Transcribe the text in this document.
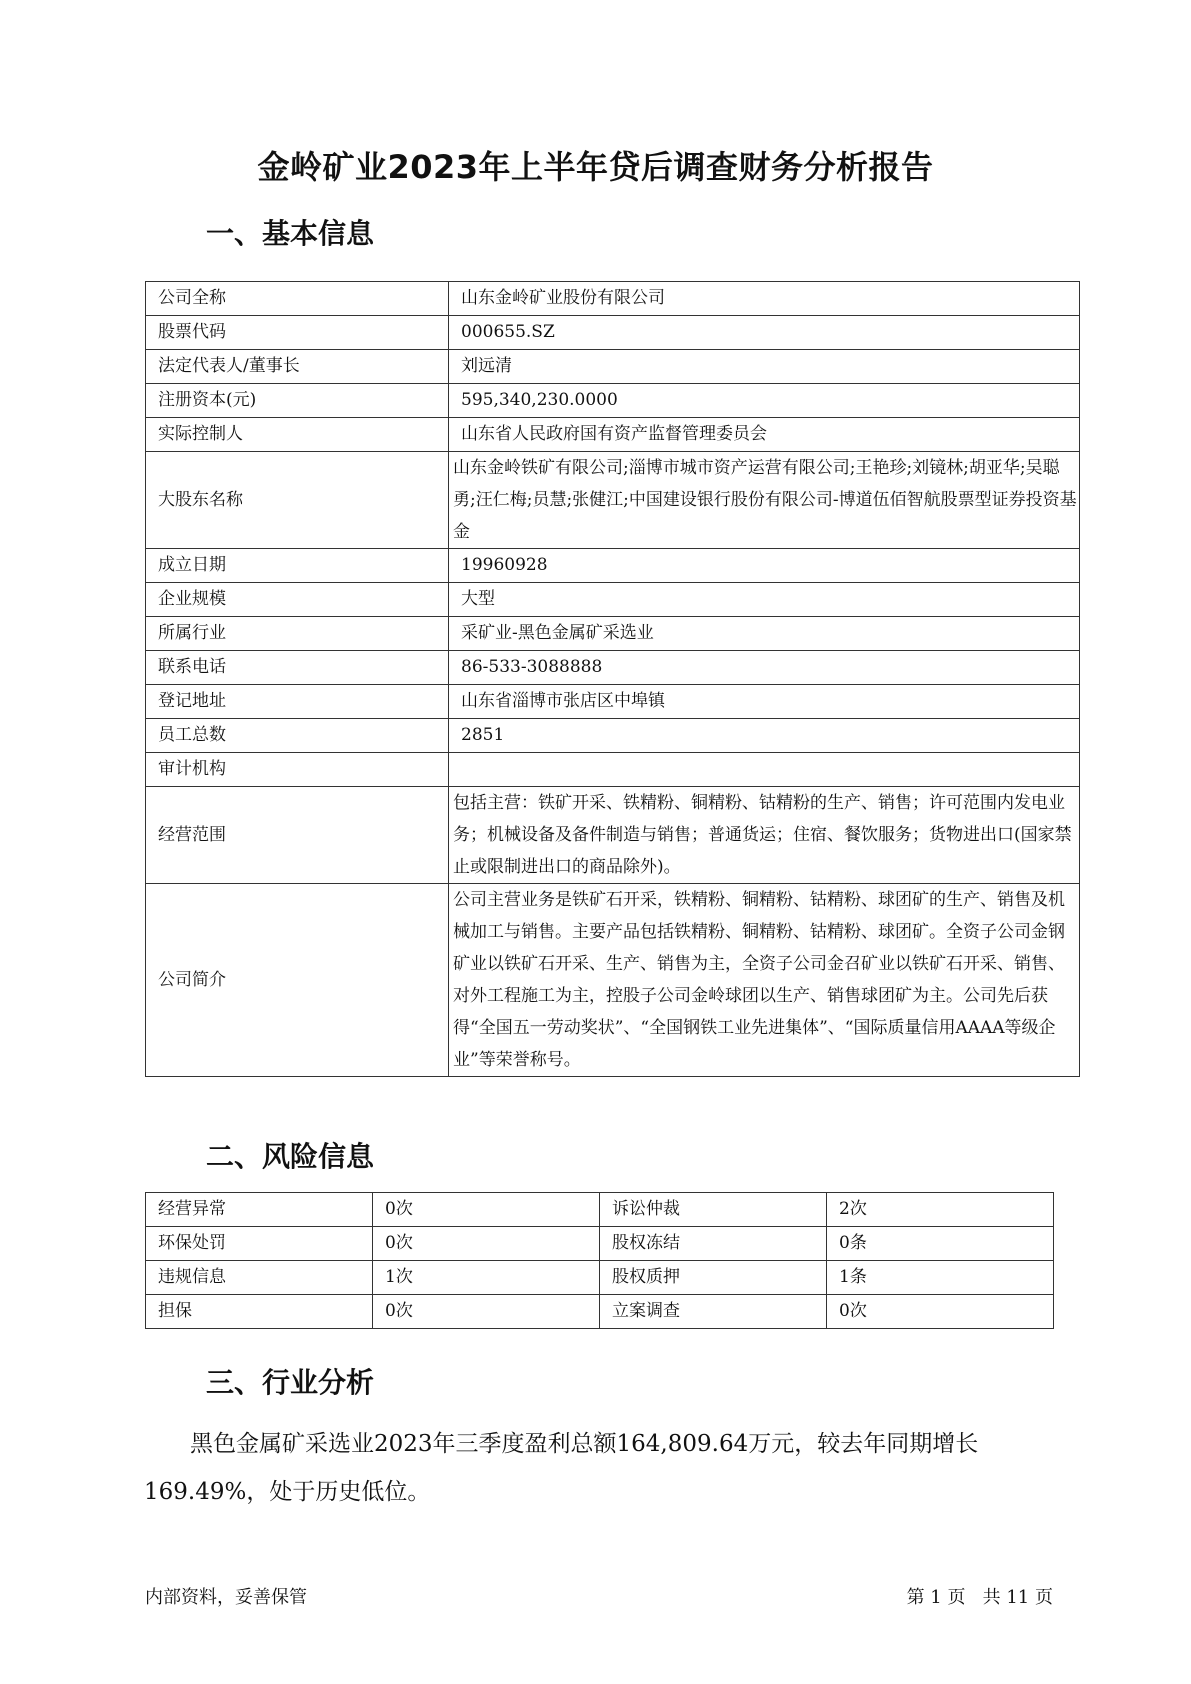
金岭矿业2023年上半年贷后调查财务分析报告
一、基本信息
公司全称	山东金岭矿业股份有限公司
股票代码	000655.SZ
法定代表人/董事长	刘远清
注册资本(元)	595,340,230.0000
实际控制人	山东省人民政府国有资产监督管理委员会
大股东名称	山东金岭铁矿有限公司;淄博市城市资产运营有限公司;王艳珍;刘镜林;胡亚华;吴聪勇;汪仁梅;员慧;张健江;中国建设银行股份有限公司-博道伍佰智航股票型证券投资基金
成立日期	19960928
企业规模	大型
所属行业	采矿业-黑色金属矿采选业
联系电话	86-533-3088888
登记地址	山东省淄博市张店区中埠镇
员工总数	2851
审计机构	
经营范围	包括主营：铁矿开采、铁精粉、铜精粉、钴精粉的生产、销售；许可范围内发电业务；机械设备及备件制造与销售；普通货运；住宿、餐饮服务；货物进出口(国家禁止或限制进出口的商品除外)。
公司简介	公司主营业务是铁矿石开采，铁精粉、铜精粉、钴精粉、球团矿的生产、销售及机械加工与销售。主要产品包括铁精粉、铜精粉、钴精粉、球团矿。全资子公司金钢矿业以铁矿石开采、生产、销售为主，全资子公司金召矿业以铁矿石开采、销售、对外工程施工为主，控股子公司金岭球团以生产、销售球团矿为主。公司先后获得“全国五一劳动奖状”、“全国钢铁工业先进集体”、“国际质量信用AAAA等级企业”等荣誉称号。
二、风险信息
经营异常	0次	诉讼仲裁	2次
环保处罚	0次	股权冻结	0条
违规信息	1次	股权质押	1条
担保	0次	立案调查	0次
三、行业分析

黑色金属矿采选业2023年三季度盈利总额164,809.64万元，较去年同期增长169.49%，处于历史低位。

内部资料，妥善保管	第 1 页   共 11 页
